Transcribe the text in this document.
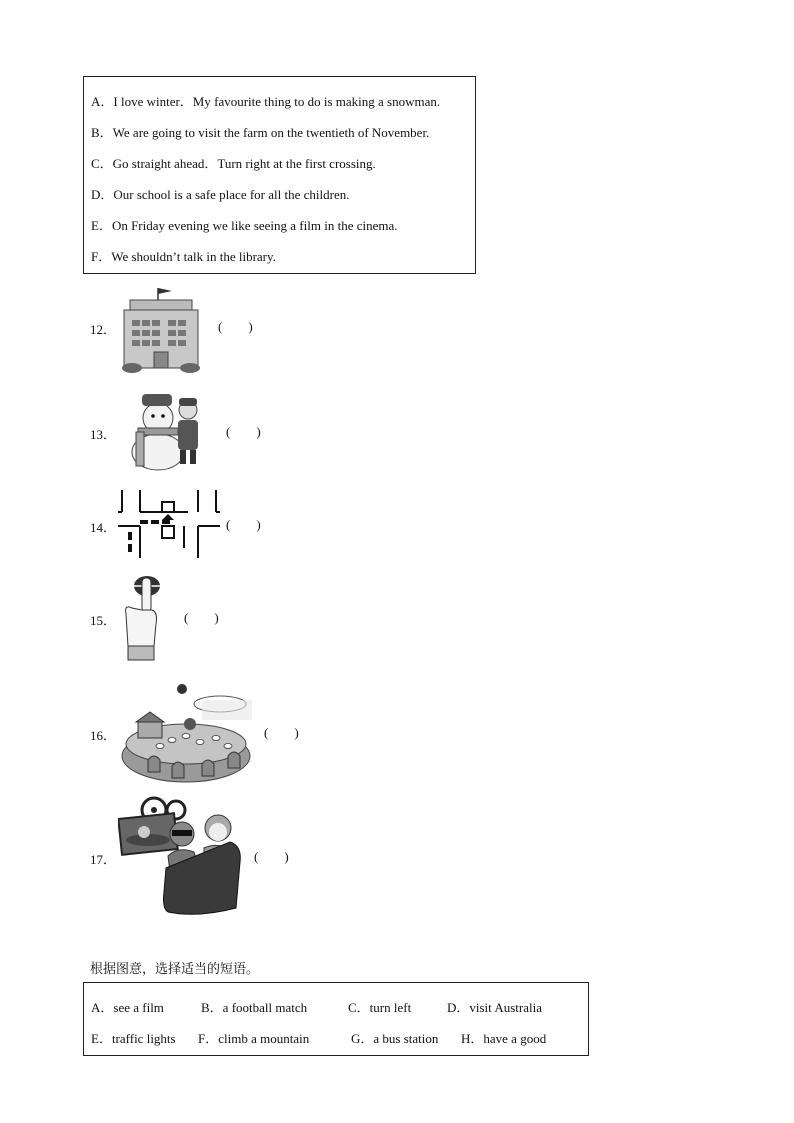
A．I love winter．My favourite thing to do is making a snowman.
B．We are going to visit the farm on the twentieth of November.
C．Go straight ahead．Turn right at the first crossing.
D．Our school is a safe place for all the children.
E．On Friday evening we like seeing a film in the cinema.
F．We shouldn’t talk in the library.
12．	(        )
13．	(        )
14．	(        )
15．	(        )
16．	(        )
17．	(        )
根据图意，选择适当的短语。
A．see a film	B．a football match	C．turn left	D．visit Australia
E．traffic lights F．climb a mountain	G．a bus station H．have a good
